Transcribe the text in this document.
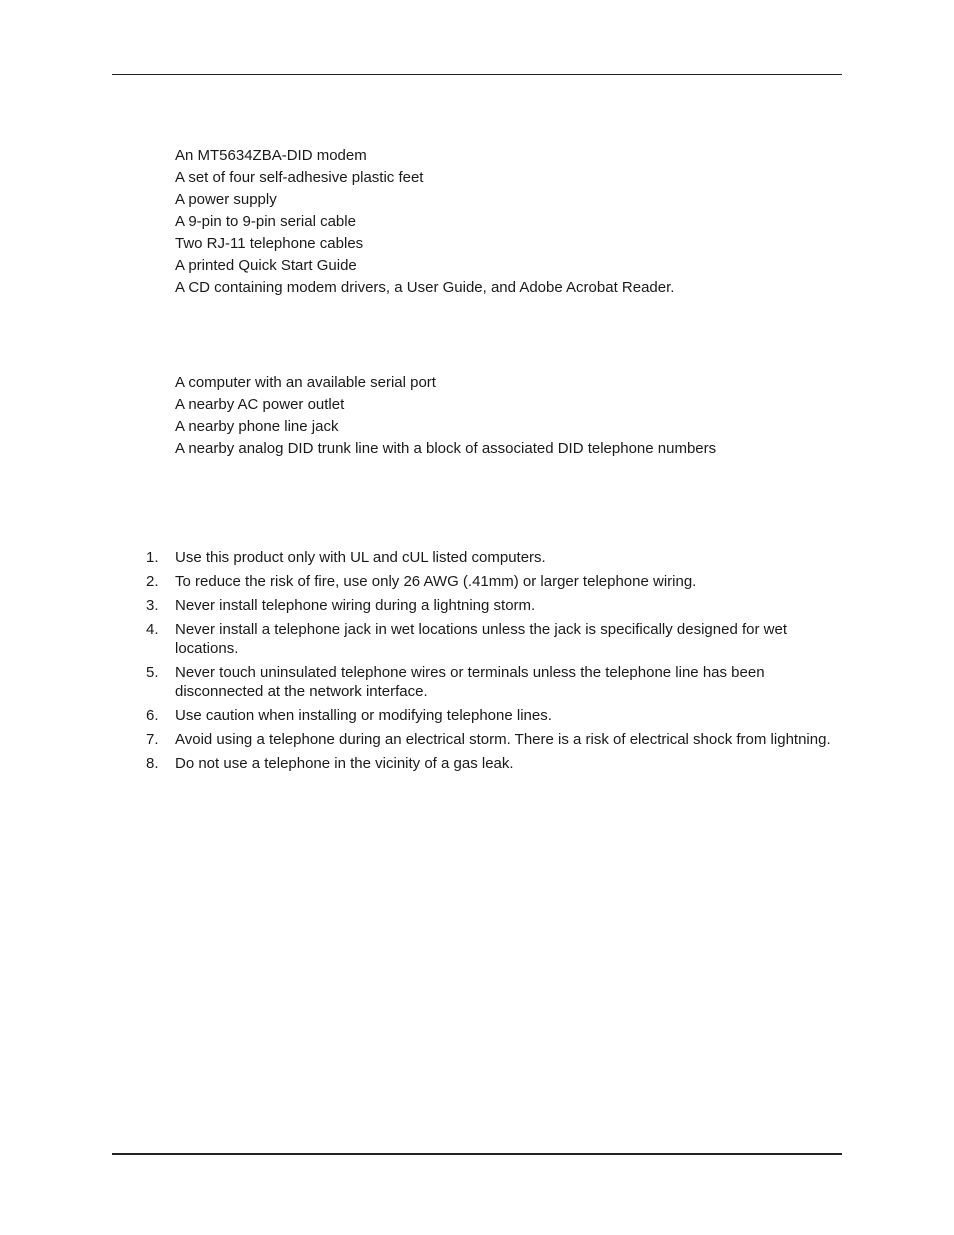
An MT5634ZBA-DID modem
A set of four self-adhesive plastic feet
A power supply
A 9-pin to 9-pin serial cable
Two RJ-11 telephone cables
A printed Quick Start Guide
A CD containing modem drivers, a User Guide, and Adobe Acrobat Reader.
A computer with an available serial port
A nearby AC power outlet
A nearby phone line jack
A nearby analog DID trunk line with a block of associated DID telephone numbers
1.	Use this product only with UL and cUL listed computers.
2.	To reduce the risk of fire, use only 26 AWG (.41mm) or larger telephone wiring.
3.	Never install telephone wiring during a lightning storm.
4.	Never install a telephone jack in wet locations unless the jack is specifically designed for wet locations.
5.	Never touch uninsulated telephone wires or terminals unless the telephone line has been disconnected at the network interface.
6.	Use caution when installing or modifying telephone lines.
7.	Avoid using a telephone during an electrical storm. There is a risk of electrical shock from lightning.
8.	Do not use a telephone in the vicinity of a gas leak.
